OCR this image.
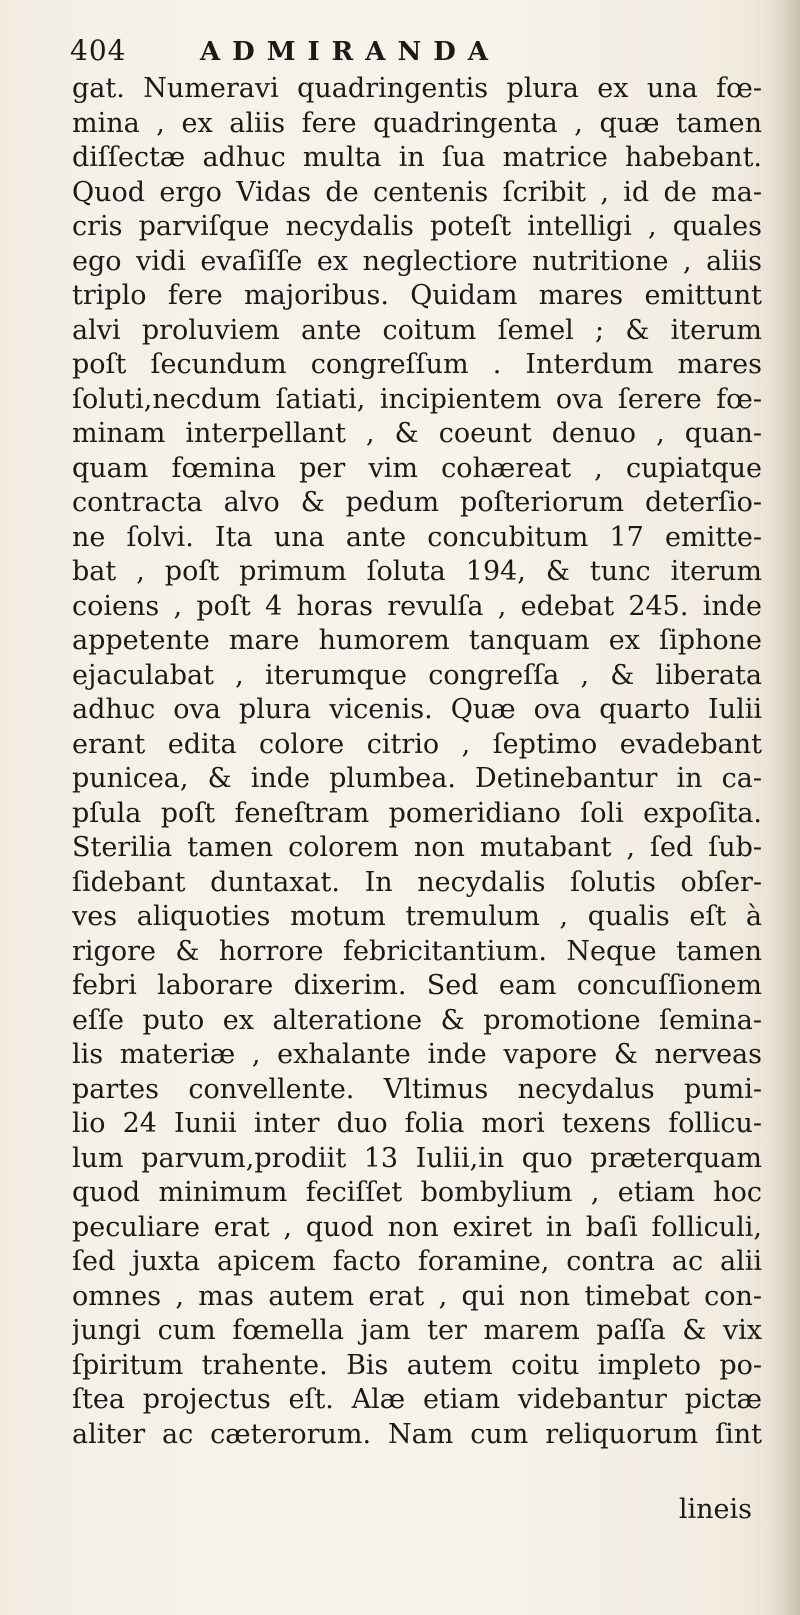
404	ADMIRANDA
gat. Numeravi quadringentis plura ex una fœ-
mina , ex aliis fere quadringenta , quæ tamen
diſſectæ adhuc multa in ſua matrice habebant.
Quod ergo Vidas de centenis ſcribit , id de ma-
cris parviſque necydalis poteſt intelligi , quales
ego vidi evaſiſſe ex neglectiore nutritione , aliis
triplo fere majoribus. Quidam mares emittunt
alvi proluviem ante coitum ſemel ; & iterum
poſt ſecundum congreſſum . Interdum mares
ſoluti,necdum ſatiati, incipientem ova ſerere fœ-
minam interpellant , & coeunt denuo , quan-
quam fœmina per vim cohæreat , cupiatque
contracta alvo & pedum poſteriorum deterſio-
ne ſolvi. Ita una ante concubitum 17 emitte-
bat , poſt primum ſoluta 194, & tunc iterum
coiens , poſt 4 horas revulſa , edebat 245. inde
appetente mare humorem tanquam ex ſiphone
ejaculabat , iterumque congreſſa , & liberata
adhuc ova plura vicenis. Quæ ova quarto Iulii
erant edita colore citrio , ſeptimo evadebant
punicea, & inde plumbea. Detinebantur in ca-
pſula poſt feneſtram pomeridiano ſoli expoſita.
Sterilia tamen colorem non mutabant , ſed ſub-
ſidebant duntaxat. In necydalis ſolutis obſer-
ves aliquoties motum tremulum , qualis eſt à
rigore & horrore febricitantium. Neque tamen
febri laborare dixerim. Sed eam concuſſionem
eſſe puto ex alteratione & promotione ſemina-
lis materiæ , exhalante inde vapore & nerveas
partes convellente. Vltimus necydalus pumi-
lio 24 Iunii inter duo folia mori texens follicu-
lum parvum,prodiit 13 Iulii,in quo præterquam
quod minimum feciſſet bombylium , etiam hoc
peculiare erat , quod non exiret in baſi folliculi,
ſed juxta apicem facto foramine, contra ac alii
omnes , mas autem erat , qui non timebat con-
jungi cum fœmella jam ter marem paſſa & vix
ſpiritum trahente. Bis autem coitu impleto po-
ſtea projectus eſt. Alæ etiam videbantur pictæ
aliter ac cæterorum. Nam cum reliquorum ſint
lineis
